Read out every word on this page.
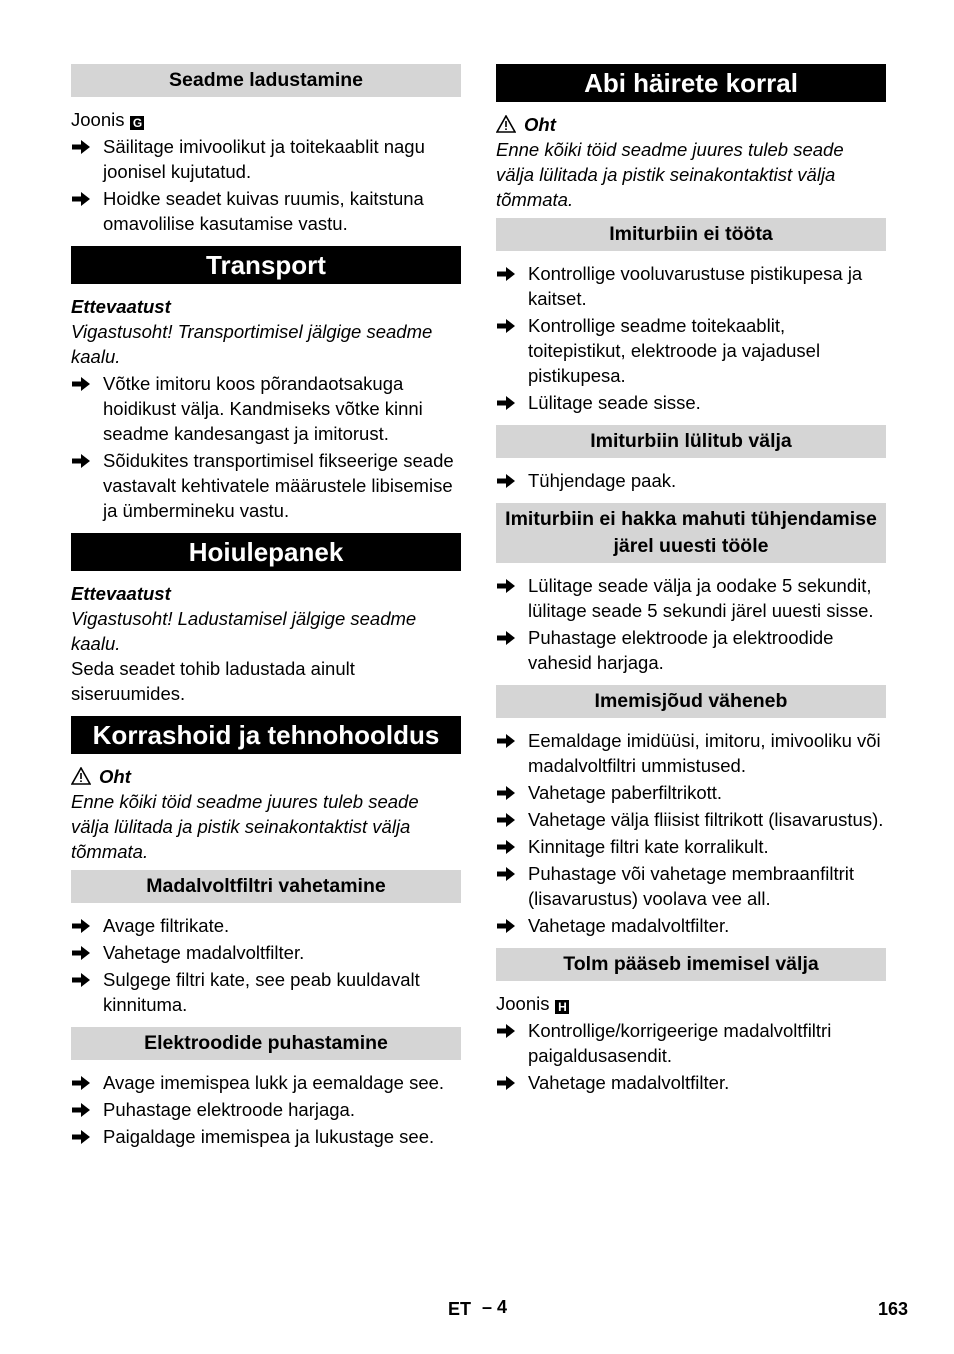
Seadme ladustamine
Joonis G
Säilitage imivoolikut ja toitekaablit nagu joonisel kujutatud.
Hoidke seadet kuivas ruumis, kaitstuna omavolilise kasutamise vastu.
Transport
Ettevaatust
Vigastusoht! Transportimisel jälgige seadme kaalu.
Võtke imitoru koos põrandaotsakuga hoidikust välja. Kandmiseks võtke kinni seadme kandesangast ja imitorust.
Sõidukites transportimisel fikseerige seade vastavalt kehtivatele määrustele libisemise ja ümbermineku vastu.
Hoiulepanek
Ettevaatust
Vigastusoht! Ladustamisel jälgige seadme kaalu.
Seda seadet tohib ladustada ainult siseruumides.
Korrashoid ja tehnohooldus
Oht
Enne kõiki töid seadme juures tuleb seade välja lülitada ja pistik seinakontaktist välja tõmmata.
Madalvoltfiltri vahetamine
Avage filtrikate.
Vahetage madalvoltfilter.
Sulgege filtri kate, see peab kuuldavalt kinnituma.
Elektroodide puhastamine
Avage imemispea lukk ja eemaldage see.
Puhastage elektroode harjaga.
Paigaldage imemispea ja lukustage see.
Abi häirete korral
Oht
Enne kõiki töid seadme juures tuleb seade välja lülitada ja pistik seinakontaktist välja tõmmata.
Imiturbiin ei tööta
Kontrollige vooluvarustuse pistikupesa ja kaitset.
Kontrollige seadme toitekaablit, toitepistikut, elektroode ja vajadusel pistikupesa.
Lülitage seade sisse.
Imiturbiin lülitub välja
Tühjendage paak.
Imiturbiin ei hakka mahuti tühjendamise järel uuesti tööle
Lülitage seade välja ja oodake 5 sekundit, lülitage seade 5 sekundi järel uuesti sisse.
Puhastage elektroode ja elektroodide vahesid harjaga.
Imemisjõud väheneb
Eemaldage imidüüsi, imitoru, imivooliku või madalvoltfiltri ummistused.
Vahetage paberfiltrikott.
Vahetage välja fliisist filtrikott (lisavarustus).
Kinnitage filtri kate korralikult.
Puhastage või vahetage membraanfiltrit (lisavarustus) voolava vee all.
Vahetage madalvoltfilter.
Tolm pääseb imemisel välja
Joonis H
Kontrollige/korrigeerige madalvoltfiltri paigaldusasendit.
Vahetage madalvoltfilter.
ET – 4	163
